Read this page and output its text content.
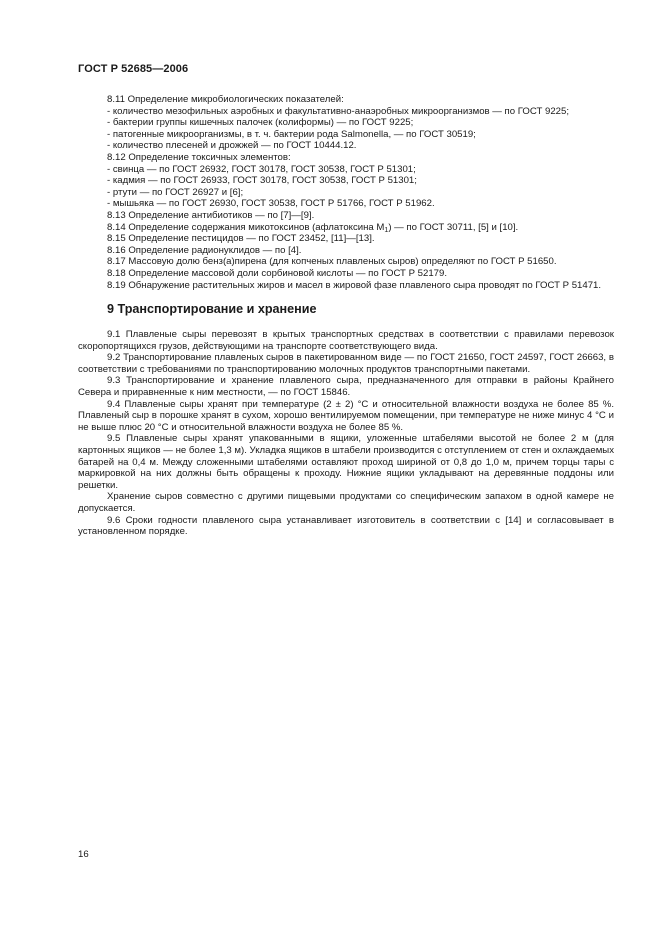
ГОСТ Р 52685—2006

8.11 Определение микробиологических показателей:

- количество мезофильных аэробных и факультативно-анаэробных микроорганизмов — по ГОСТ 9225;

- бактерии группы кишечных палочек (колиформы) — по ГОСТ 9225;

- патогенные микроорганизмы, в т. ч. бактерии рода Salmonella, — по ГОСТ 30519;

- количество плесеней и дрожжей — по ГОСТ 10444.12.

8.12 Определение токсичных элементов:

- свинца — по ГОСТ 26932, ГОСТ 30178, ГОСТ 30538, ГОСТ Р 51301;

- кадмия — по ГОСТ 26933, ГОСТ 30178, ГОСТ 30538, ГОСТ Р 51301;

- ртути — по ГОСТ 26927 и [6];

- мышьяка — по ГОСТ 26930, ГОСТ 30538, ГОСТ Р 51766, ГОСТ Р 51962.

8.13 Определение антибиотиков — по [7]—[9].

8.14 Определение содержания микотоксинов (афлатоксина $M_1$) — по ГОСТ 30711, [5] и [10].

8.15 Определение пестицидов — по ГОСТ 23452, [11]—[13].

8.16 Определение радионуклидов — по [4].

8.17 Массовую долю бенз(а)пирена (для копченых плавленых сыров) определяют по ГОСТ Р 51650.

8.18 Определение массовой доли сорбиновой кислоты — по ГОСТ Р 52179.

8.19 Обнаружение растительных жиров и масел в жировой фазе плавленого сыра проводят по ГОСТ Р 51471.

9 Транспортирование и хранение

9.1 Плавленые сыры перевозят в крытых транспортных средствах в соответствии с правилами перевозок скоропортящихся грузов, действующими на транспорте соответствующего вида.

9.2 Транспортирование плавленых сыров в пакетированном виде — по ГОСТ 21650, ГОСТ 24597, ГОСТ 26663, в соответствии с требованиями по транспортированию молочных продуктов транспортными пакетами.

9.3 Транспортирование и хранение плавленого сыра, предназначенного для отправки в районы Крайнего Севера и приравненные к ним местности, — по ГОСТ 15846.

9.4 Плавленые сыры хранят при температуре (2 ± 2) °С и относительной влажности воздуха не более 85 %. Плавленый сыр в порошке хранят в сухом, хорошо вентилируемом помещении, при температуре не ниже минус 4 °С и не выше плюс 20 °С и относительной влажности воздуха не более 85 %.

9.5 Плавленые сыры хранят упакованными в ящики, уложенные штабелями высотой не более 2 м (для картонных ящиков — не более 1,3 м). Укладка ящиков в штабели производится с отступлением от стен и охлаждаемых батарей на 0,4 м. Между сложенными штабелями оставляют проход шириной от 0,8 до 1,0 м, причем торцы тары с маркировкой на них должны быть обращены к проходу. Нижние ящики укладывают на деревянные поддоны или решетки.

Хранение сыров совместно с другими пищевыми продуктами со специфическим запахом в одной камере не допускается.

9.6 Сроки годности плавленого сыра устанавливает изготовитель в соответствии с [14] и согласовывает в установленном порядке.

16
